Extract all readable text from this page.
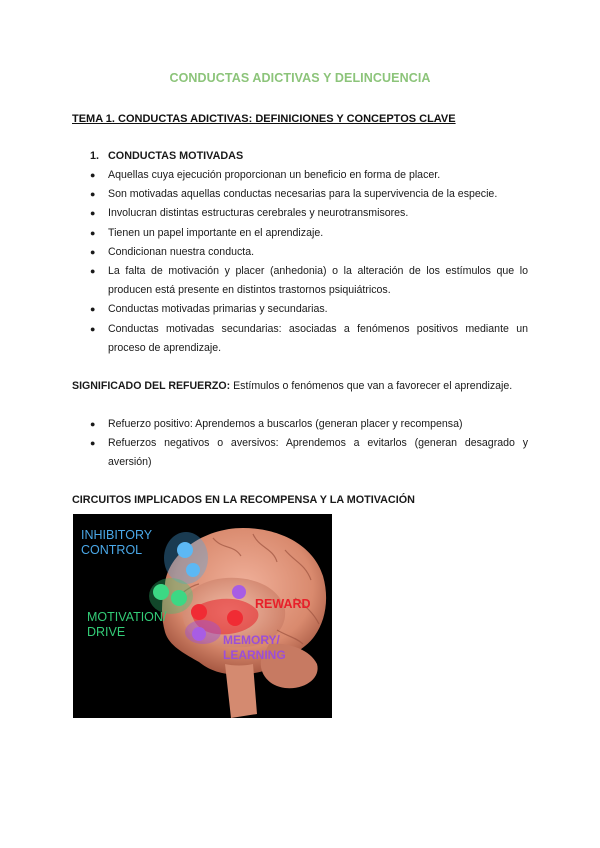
CONDUCTAS ADICTIVAS Y DELINCUENCIA
TEMA 1. CONDUCTAS ADICTIVAS: DEFINICIONES Y CONCEPTOS CLAVE
1. CONDUCTAS MOTIVADAS
● Aquellas cuya ejecución proporcionan un beneficio en forma de placer.
● Son motivadas aquellas conductas necesarias para la supervivencia de la especie.
● Involucran distintas estructuras cerebrales y neurotransmisores.
● Tienen un papel importante en el aprendizaje.
● Condicionan nuestra conducta.
● La falta de motivación y placer (anhedonia) o la alteración de los estímulos que lo producen está presente en distintos trastornos psiquiátricos.
● Conductas motivadas primarias y secundarias.
● Conductas motivadas secundarias: asociadas a fenómenos positivos mediante un proceso de aprendizaje.
SIGNIFICADO DEL REFUERZO: Estímulos o fenómenos que van a favorecer el aprendizaje.
● Refuerzo positivo: Aprendemos a buscarlos (generan placer y recompensa)
● Refuerzos negativos o aversivos: Aprendemos a evitarlos (generan desagrado y aversión)
CIRCUITOS IMPLICADOS EN LA RECOMPENSA Y LA MOTIVACIÓN
INHIBITORY
CONTROL
MOTIVATION/
DRIVE
REWARD
MEMORY/
LEARNING
